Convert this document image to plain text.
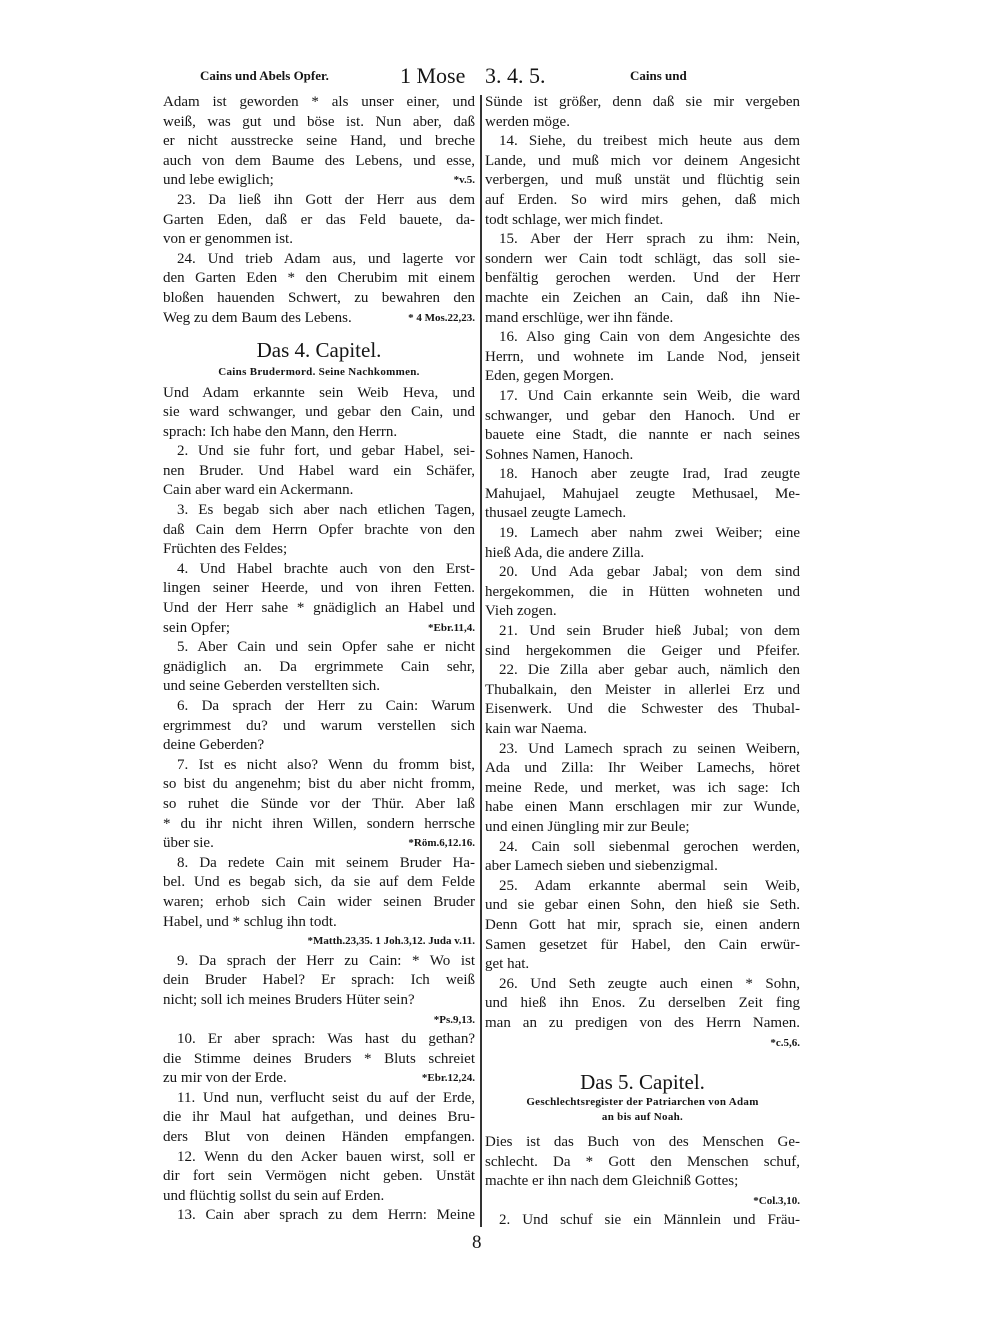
Cains und Abels Opfer.	1 Mose 3. 4. 5.	Cains und
Adam ist geworden * als unser einer, und
weiß, was gut und böse ist. Nun aber, daß
er nicht ausstrecke seine Hand, und breche
auch von dem Baume des Lebens, und esse,
und lebe ewiglich;	*v.5.
23. Da ließ ihn Gott der Herr aus dem
Garten Eden, daß er das Feld bauete, da-
von er genommen ist.
24. Und trieb Adam aus, und lagerte vor
den Garten Eden * den Cherubim mit einem
bloßen hauenden Schwert, zu bewahren den
Weg zu dem Baum des Lebens.	* 4 Mos.22,23.
Das 4. Capitel.
Cains Brudermord. Seine Nachkommen.
Und Adam erkannte sein Weib Heva, und
sie ward schwanger, und gebar den Cain, und
sprach: Ich habe den Mann, den Herrn.
2. Und sie fuhr fort, und gebar Habel, sei-
nen Bruder. Und Habel ward ein Schäfer,
Cain aber ward ein Ackermann.
3. Es begab sich aber nach etlichen Tagen,
daß Cain dem Herrn Opfer brachte von den
Früchten des Feldes;
4. Und Habel brachte auch von den Erst-
lingen seiner Heerde, und von ihren Fetten.
Und der Herr sahe * gnädiglich an Habel und
sein Opfer;	*Ebr.11,4.
5. Aber Cain und sein Opfer sahe er nicht
gnädiglich an. Da ergrimmete Cain sehr,
und seine Geberden verstellten sich.
6. Da sprach der Herr zu Cain: Warum
ergrimmest du? und warum verstellen sich
deine Geberden?
7. Ist es nicht also? Wenn du fromm bist,
so bist du angenehm; bist du aber nicht fromm,
so ruhet die Sünde vor der Thür. Aber laß
* du ihr nicht ihren Willen, sondern herrsche
über sie.	*Röm.6,12.16.
8. Da redete Cain mit seinem Bruder Ha-
bel. Und es begab sich, da sie auf dem Felde
waren; erhob sich Cain wider seinen Bruder
Habel, und * schlug ihn todt.
*Matth.23,35. 1 Joh.3,12. Juda v.11.
9. Da sprach der Herr zu Cain: * Wo ist
dein Bruder Habel? Er sprach: Ich weiß
nicht; soll ich meines Bruders Hüter sein?
*Ps.9,13.
10. Er aber sprach: Was hast du gethan?
die Stimme deines Bruders * Bluts schreiet
zu mir von der Erde.	*Ebr.12,24.
11. Und nun, verflucht seist du auf der Erde,
die ihr Maul hat aufgethan, und deines Bru-
ders Blut von deinen Händen empfangen.
12. Wenn du den Acker bauen wirst, soll er
dir fort sein Vermögen nicht geben. Unstät
und flüchtig sollst du sein auf Erden.
13. Cain aber sprach zu dem Herrn: Meine
Sünde ist größer, denn daß sie mir vergeben
werden möge.
14. Siehe, du treibest mich heute aus dem
Lande, und muß mich vor deinem Angesicht
verbergen, und muß unstät und flüchtig sein
auf Erden. So wird mirs gehen, daß mich
todt schlage, wer mich findet.
15. Aber der Herr sprach zu ihm: Nein,
sondern wer Cain todt schlägt, das soll sie-
benfältig gerochen werden. Und der Herr
machte ein Zeichen an Cain, daß ihn Nie-
mand erschlüge, wer ihn fände.
16. Also ging Cain von dem Angesichte des
Herrn, und wohnete im Lande Nod, jenseit
Eden, gegen Morgen.
17. Und Cain erkannte sein Weib, die ward
schwanger, und gebar den Hanoch. Und er
bauete eine Stadt, die nannte er nach seines
Sohnes Namen, Hanoch.
18. Hanoch aber zeugte Irad, Irad zeugte
Mahujael, Mahujael zeugte Methusael, Me-
thusael zeugte Lamech.
19. Lamech aber nahm zwei Weiber; eine
hieß Ada, die andere Zilla.
20. Und Ada gebar Jabal; von dem sind
hergekommen, die in Hütten wohneten und
Vieh zogen.
21. Und sein Bruder hieß Jubal; von dem
sind hergekommen die Geiger und Pfeifer.
22. Die Zilla aber gebar auch, nämlich den
Thubalkain, den Meister in allerlei Erz und
Eisenwerk. Und die Schwester des Thubal-
kain war Naema.
23. Und Lamech sprach zu seinen Weibern,
Ada und Zilla: Ihr Weiber Lamechs, höret
meine Rede, und merket, was ich sage: Ich
habe einen Mann erschlagen mir zur Wunde,
und einen Jüngling mir zur Beule;
24. Cain soll siebenmal gerochen werden,
aber Lamech sieben und siebenzigmal.
25. Adam erkannte abermal sein Weib,
und sie gebar einen Sohn, den hieß sie Seth.
Denn Gott hat mir, sprach sie, einen andern
Samen gesetzet für Habel, den Cain erwür-
get hat.
26. Und Seth zeugte auch einen * Sohn,
und hieß ihn Enos. Zu derselben Zeit fing
man an zu predigen von des Herrn Namen.
*c.5,6.
Das 5. Capitel.
Geschlechtsregister der Patriarchen von Adam
an bis auf Noah.
Dies ist das Buch von des Menschen Ge-
schlecht. Da * Gott den Menschen schuf,
machte er ihn nach dem Gleichniß Gottes;
*Col.3,10.
2. Und schuf sie ein Männlein und Fräu-
8
